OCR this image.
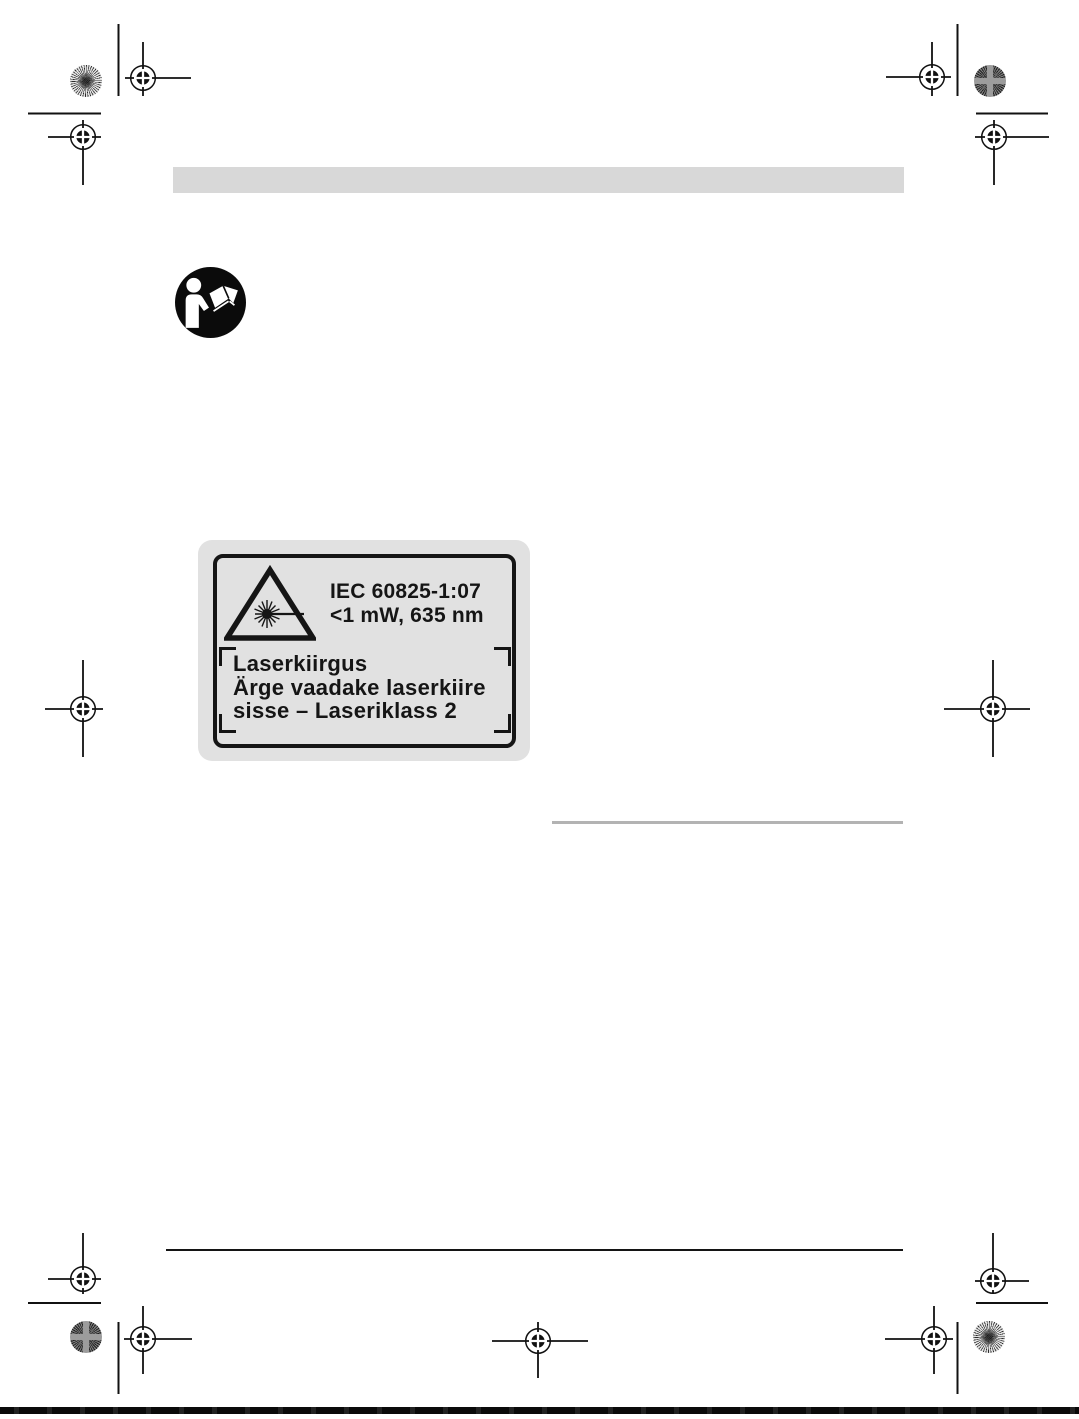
IEC 60825-1:07
<1 mW, 635 nm
Laserkiirgus
Ärge vaadake laserkiire
sisse – Laseriklass 2
